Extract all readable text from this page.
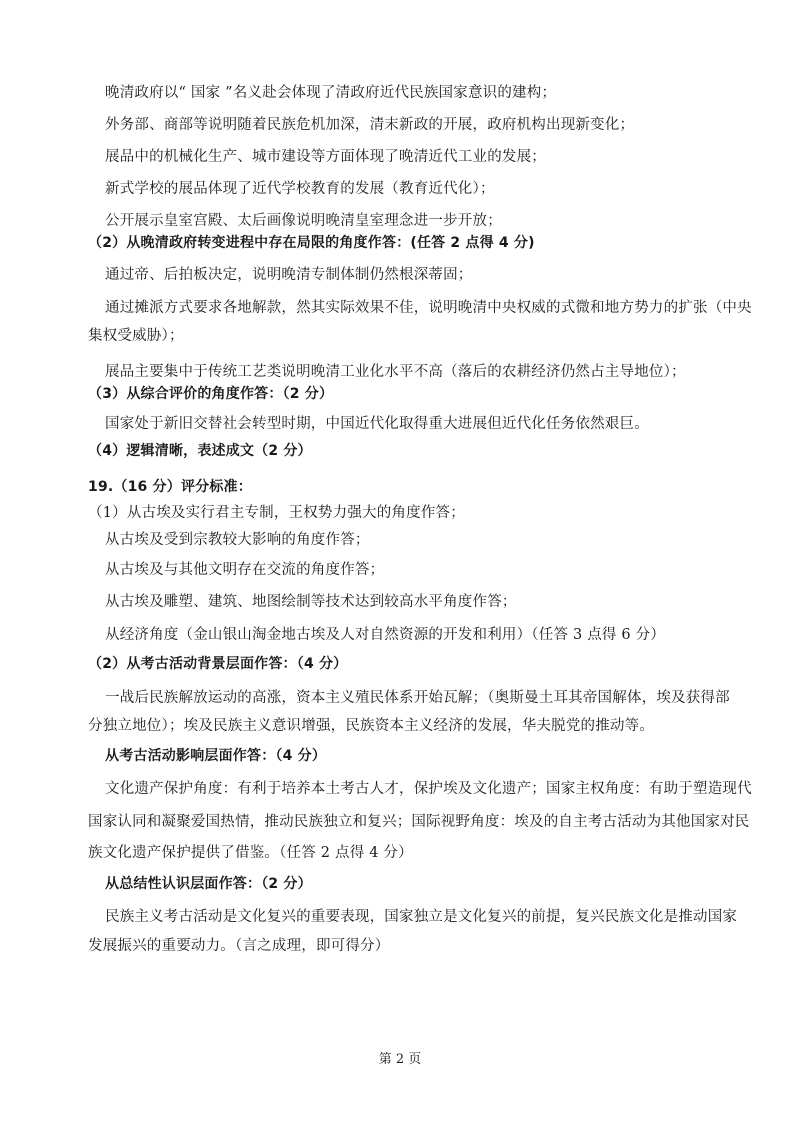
晚清政府以“ 国家 ”名义赴会体现了清政府近代民族国家意识的建构；
外务部、商部等说明随着民族危机加深，清末新政的开展，政府机构出现新变化；
展品中的机械化生产、城市建设等方面体现了晚清近代工业的发展；
新式学校的展品体现了近代学校教育的发展（教育近代化）；
公开展示皇室宫殿、太后画像说明晚清皇室理念进一步开放；
（2）从晚清政府转变进程中存在局限的角度作答：(任答 2 点得 4 分)
通过帝、后拍板决定，说明晚清专制体制仍然根深蒂固；
通过摊派方式要求各地解款，然其实际效果不佳，说明晚清中央权威的式微和地方势力的扩张（中央
集权受威胁）；
展品主要集中于传统工艺类说明晚清工业化水平不高（落后的农耕经济仍然占主导地位）；
（3）从综合评价的角度作答：（2 分）
国家处于新旧交替社会转型时期，中国近代化取得重大进展但近代化任务依然艰巨。
（4）逻辑清晰，表述成文（2 分）
19.（16 分）评分标准：
（1）从古埃及实行君主专制，王权势力强大的角度作答；
从古埃及受到宗教较大影响的角度作答；
从古埃及与其他文明存在交流的角度作答；
从古埃及雕塑、建筑、地图绘制等技术达到较高水平角度作答；
从经济角度（金山银山淘金地古埃及人对自然资源的开发和利用）（任答 3 点得 6 分）
（2）从考古活动背景层面作答：（4 分）
一战后民族解放运动的高涨，资本主义殖民体系开始瓦解；（奥斯曼土耳其帝国解体，埃及获得部
分独立地位）；埃及民族主义意识增强，民族资本主义经济的发展，华夫脱党的推动等。
从考古活动影响层面作答：（4 分）
文化遗产保护角度：有利于培养本土考古人才，保护埃及文化遗产；国家主权角度：有助于塑造现代
国家认同和凝聚爱国热情，推动民族独立和复兴；国际视野角度：埃及的自主考古活动为其他国家对民
族文化遗产保护提供了借鉴。（任答 2 点得 4 分）
从总结性认识层面作答：（2 分）
民族主义考古活动是文化复兴的重要表现，国家独立是文化复兴的前提，复兴民族文化是推动国家
发展振兴的重要动力。（言之成理，即可得分）
第 2 页
